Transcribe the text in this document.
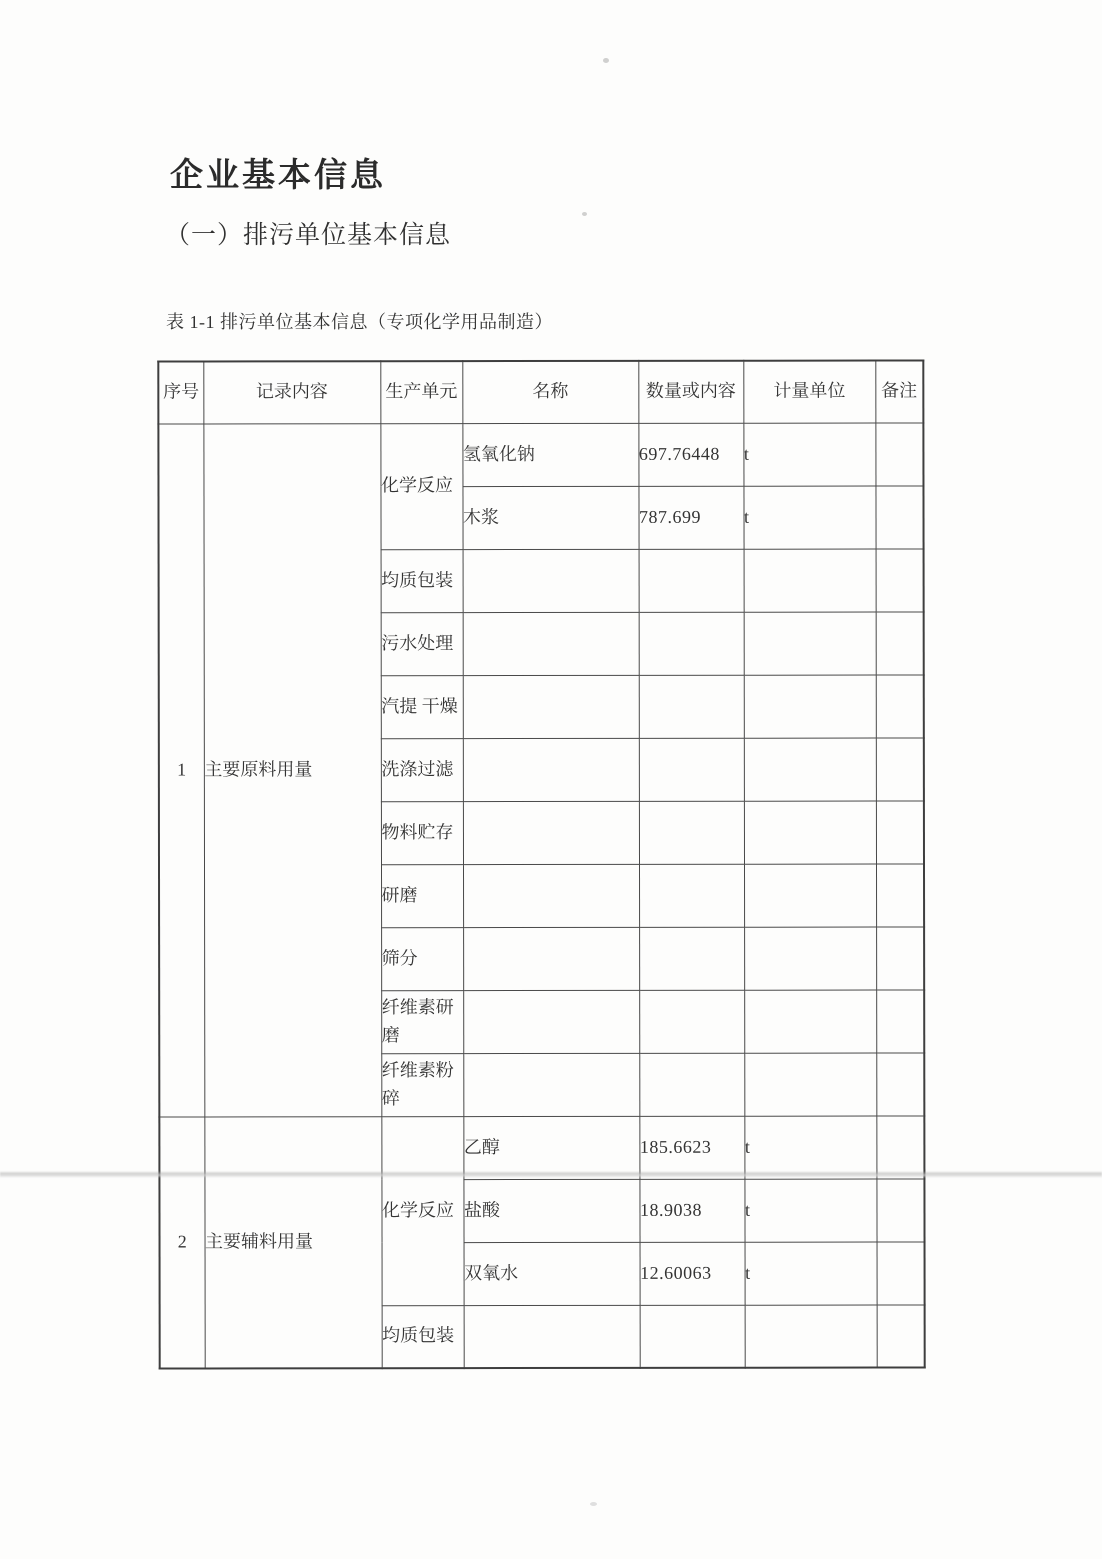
企业基本信息
（一）排污单位基本信息
表 1-1 排污单位基本信息（专项化学用品制造）
序号	记录内容	生产单元	名称	数量或内容	计量单位	备注
1	主要原料用量	化学反应	氢氧化钠	697.76448	t	
			木浆	787.699	t	
		均质包装				
		污水处理				
		汽提 干燥				
		洗涤过滤				
		物料贮存				
		研磨				
		筛分				
		纤维素研磨				
		纤维素粉碎				
2	主要辅料用量	化学反应	乙醇	185.6623	t	
			盐酸	18.9038	t	
			双氧水	12.60063	t	
		均质包装				
